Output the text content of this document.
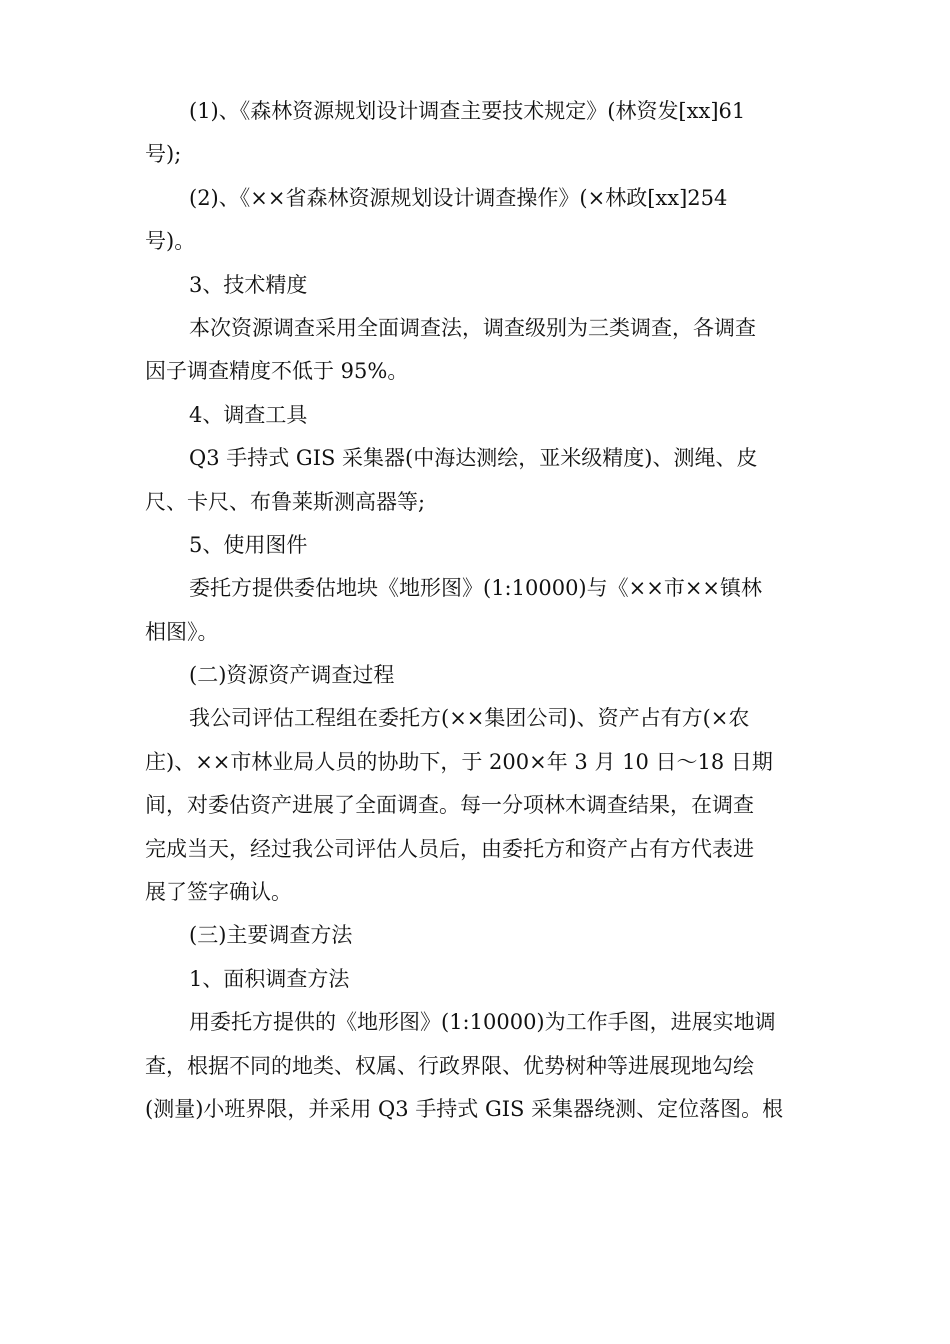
(1)、《森林资源规划设计调查主要技术规定》(林资发[xx]61
号);
(2)、《××省森林资源规划设计调查操作》(×林政[xx]254
号)。
3、技术精度
本次资源调查采用全面调查法，调查级别为三类调查，各调查
因子调查精度不低于 95%。
4、调查工具
Q3 手持式 GIS 采集器(中海达测绘，亚米级精度)、测绳、皮
尺、卡尺、布鲁莱斯测高器等;
5、使用图件
委托方提供委估地块《地形图》(1:10000)与《××市××镇林
相图》。
(二)资源资产调查过程
我公司评估工程组在委托方(××集团公司)、资产占有方(×农
庄)、××市林业局人员的协助下，于 200×年 3 月 10 日～18 日期
间，对委估资产进展了全面调查。每一分项林木调查结果，在调查
完成当天，经过我公司评估人员后，由委托方和资产占有方代表进
展了签字确认。
(三)主要调查方法
1、面积调查方法
用委托方提供的《地形图》(1:10000)为工作手图，进展实地调
查，根据不同的地类、权属、行政界限、优势树种等进展现地勾绘
(测量)小班界限，并采用 Q3 手持式 GIS 采集器绕测、定位落图。根
